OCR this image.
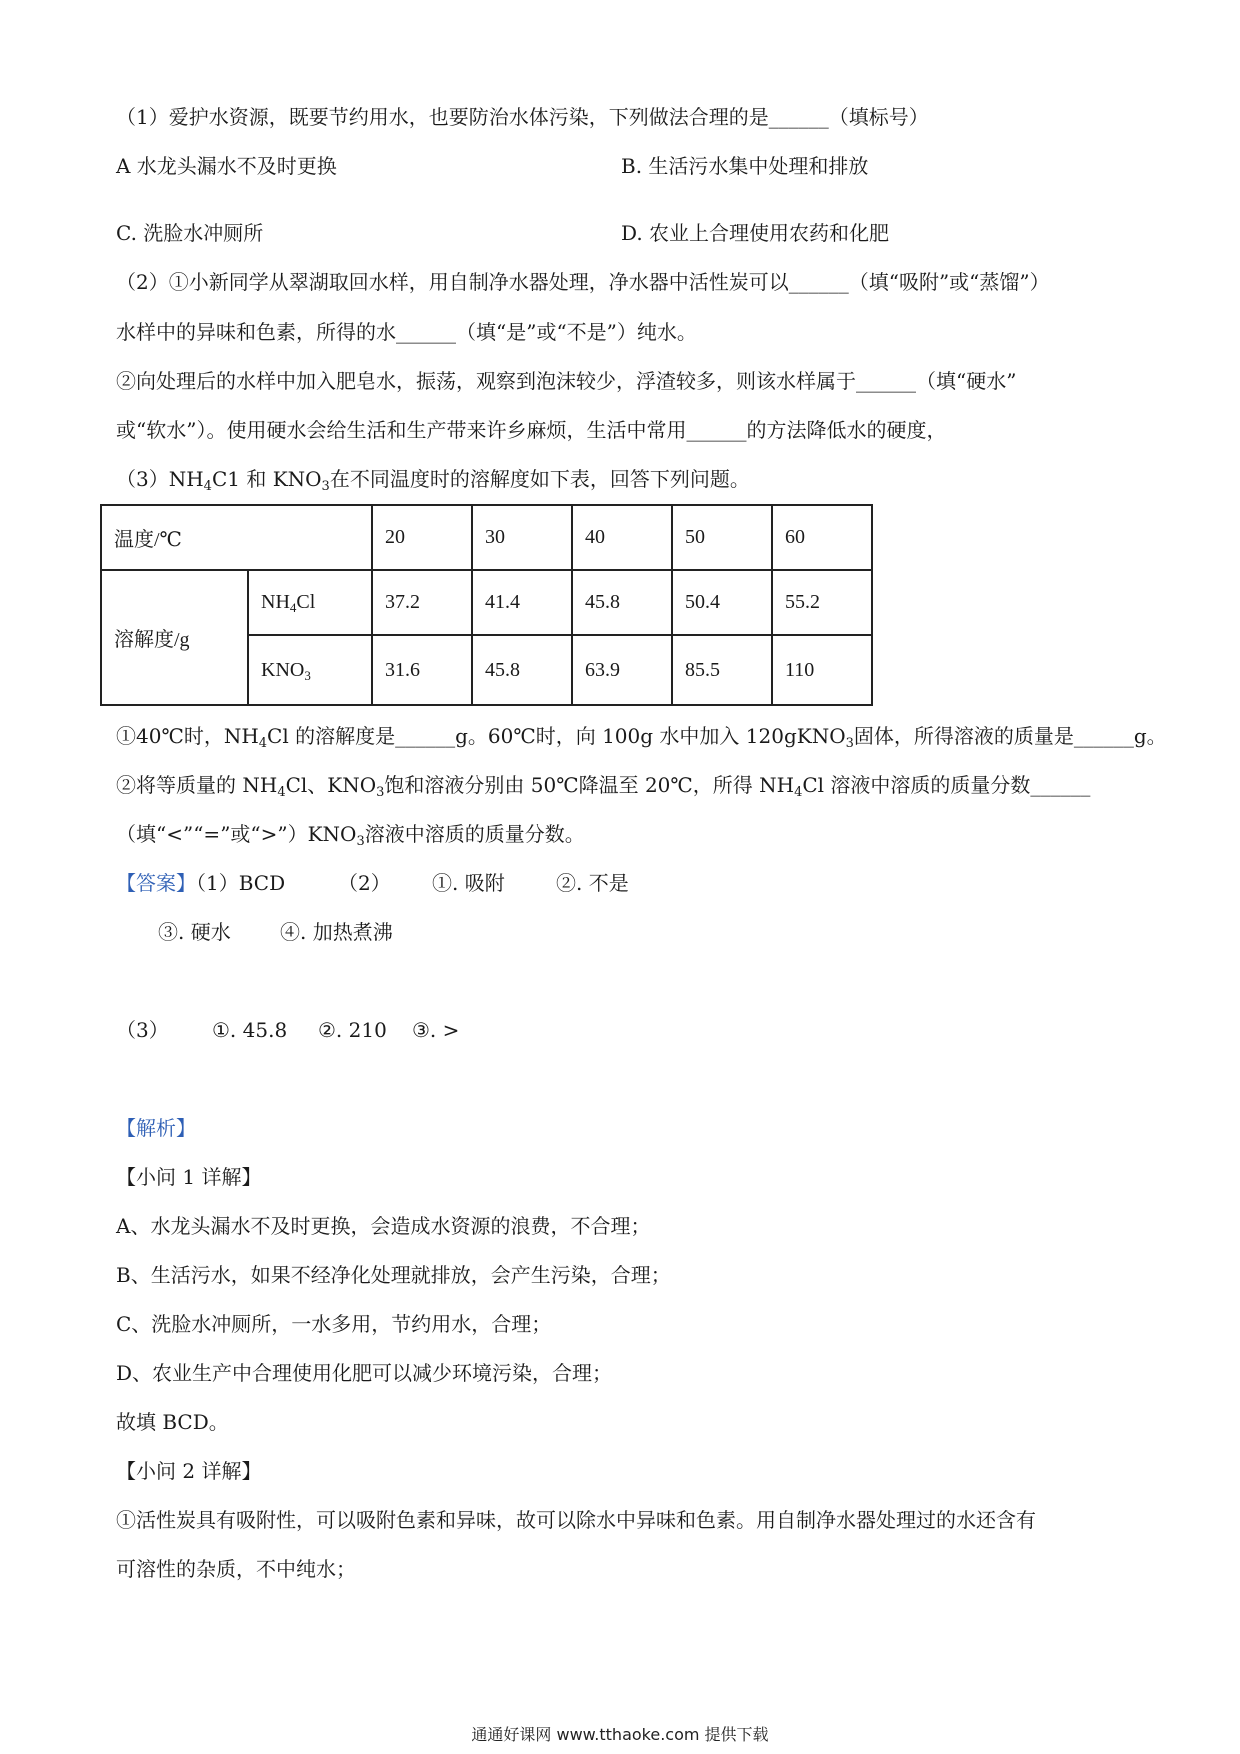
（1）爱护水资源，既要节约用水，也要防治水体污染，下列做法合理的是______（填标号）
A 水龙头漏水不及时更换	B. 生活污水集中处理和排放
C. 洗脸水冲厕所	D. 农业上合理使用农药和化肥
（2）①小新同学从翠湖取回水样，用自制净水器处理，净水器中活性炭可以______（填“吸附”或“蒸馏”）
水样中的异味和色素，所得的水______（填“是”或“不是”）纯水。
②向处理后的水样中加入肥皂水，振荡，观察到泡沫较少，浮渣较多，则该水样属于______（填“硬水”
或“软水”）。使用硬水会给生活和生产带来许乡麻烦，生活中常用______的方法降低水的硬度，
$(3)NH_4C1$ 和 $KNO_3$在不同温度时的溶解度如下表，回答下列问题。
温度/℃		20	30	40	50	60
溶解度/g	$NH_4Cl$	37.2	41.4	45.8	50.4	55.2
	$KNO_3$	31.6	45.8	63.9	85.5	110
①40℃时，$NH_4Cl$ 的溶解度是______g。60℃时，向 100g 水中加入 120gKNO$_3$固体，所得溶液的质量是______g。
②将等质量的 $NH_4Cl$、$KNO_3$饱和溶液分别由 50℃降温至 20℃，所得 $NH_4Cl$ 溶液中溶质的质量分数______
（填“<”“=”或“$>”)KNO_3$溶液中溶质的质量分数。
【答案】（1）BCD	（2） ①. 吸附	②. 不是
③. 硬水 ④. 加热煮沸
（3） ①. 45.8 ②. 210 ③. >
【解析】
【小问 1 详解】
A、水龙头漏水不及时更换，会造成水资源的浪费，不合理；
B、生活污水，如果不经净化处理就排放，会产生污染，合理；
C、洗脸水冲厕所，一水多用，节约用水，合理；
D、农业生产中合理使用化肥可以减少环境污染，合理；
故填 BCD。
【小问 2 详解】
①活性炭具有吸附性，可以吸附色素和异味，故可以除水中异味和色素。用自制净水器处理过的水还含有
可溶性的杂质，不中纯水；
通通好课网 www.tthaoke.com 提供下载
